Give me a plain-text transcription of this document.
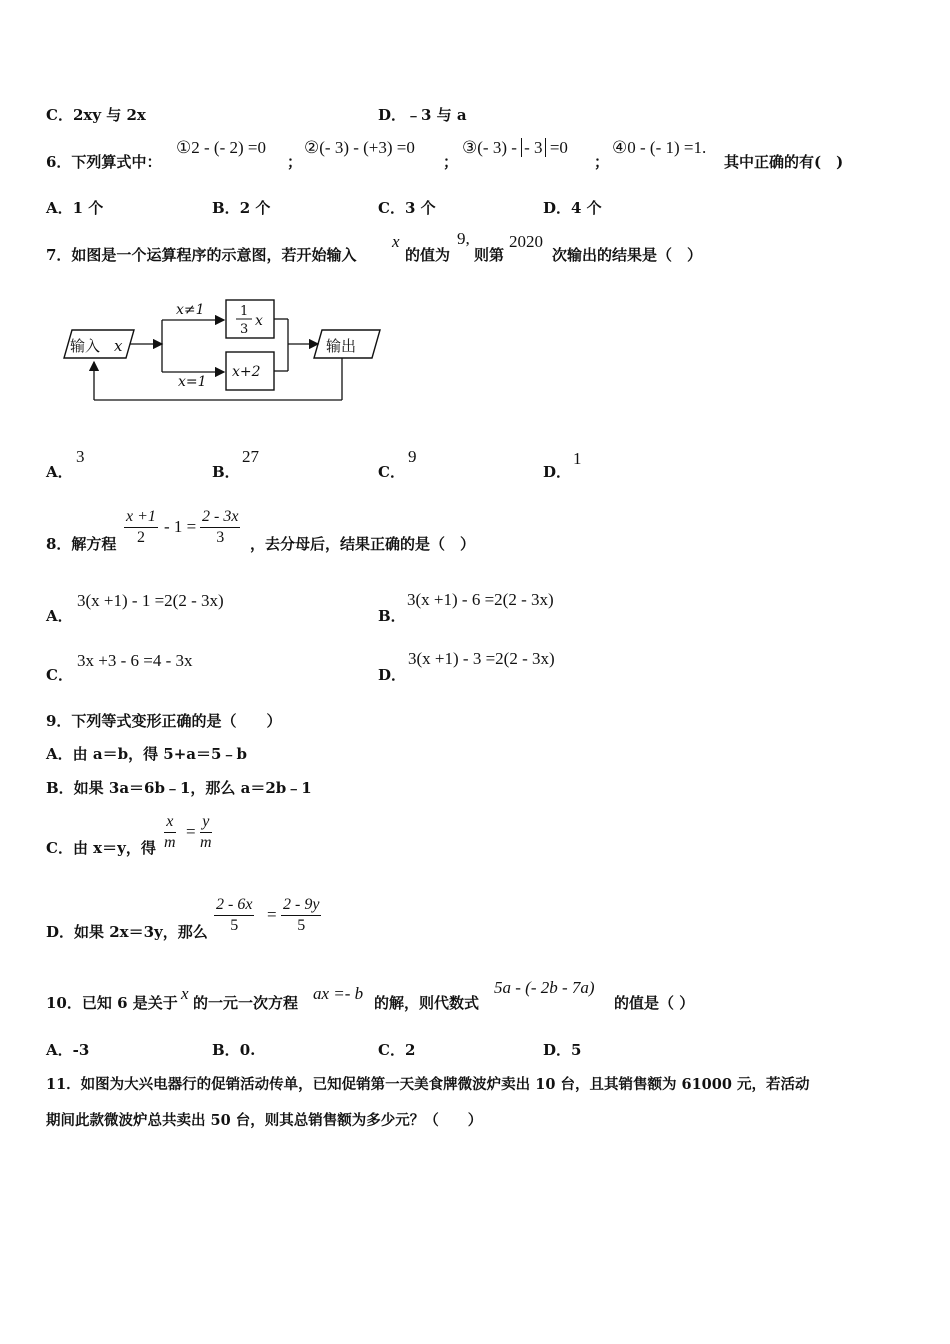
C．2xy 与 2x	D．﹣3 与 a
6．下列算式中：
①2 - (- 2) =0
；
②(- 3) - (+3) =0
；
③(- 3) - - 3 =0
；
④0 - (- 1) =1.
其中正确的有(　)
A．1 个	B．2 个	C．3 个	D．4 个
7．如图是一个运算程序的示意图，若开始输入
x
的值为
9,
则第
2020
次输出的结果是（　）
输入 x
x≠1
x=1
1
3
x
x+2
输出
A．
3
B．
27
C．
9
D．
1
8．解方程 $\frac{x +1}{2} - 1 = \frac{2 - 3x}{3}$ ，去分母后，结果正确的是（　）
A．
3(x +1) - 1 =2(2 - 3x)
B．
3(x +1) - 6 =2(2 - 3x)
C．
3x +3 - 6 =4 - 3x
D．
3(x +1) - 3 =2(2 - 3x)
9．下列等式变形正确的是（　　）
A．由 a＝b，得 5+a＝5﹣b
B．如果 3a＝6b﹣1，那么 a＝2b﹣1
C．由 x＝y，得 $\frac{x}{m} = \frac{y}{m}$
D．如果 2x＝3y，那么 $\frac{2 - 6x}{5} = \frac{2 - 9y}{5}$
10．已知 6 是关于 x 的一元一次方程 ax =- b 的解，则代数式
5a - (- 2b - 7a)
的值是（ ）
A．-3	B．0.	C．2	D．5
11．如图为大兴电器行的促销活动传单，已知促销第一天美食牌微波炉卖出 10 台，且其销售额为 61000 元，若活动
期间此款微波炉总共卖出 50 台，则其总销售额为多少元？（　　）
